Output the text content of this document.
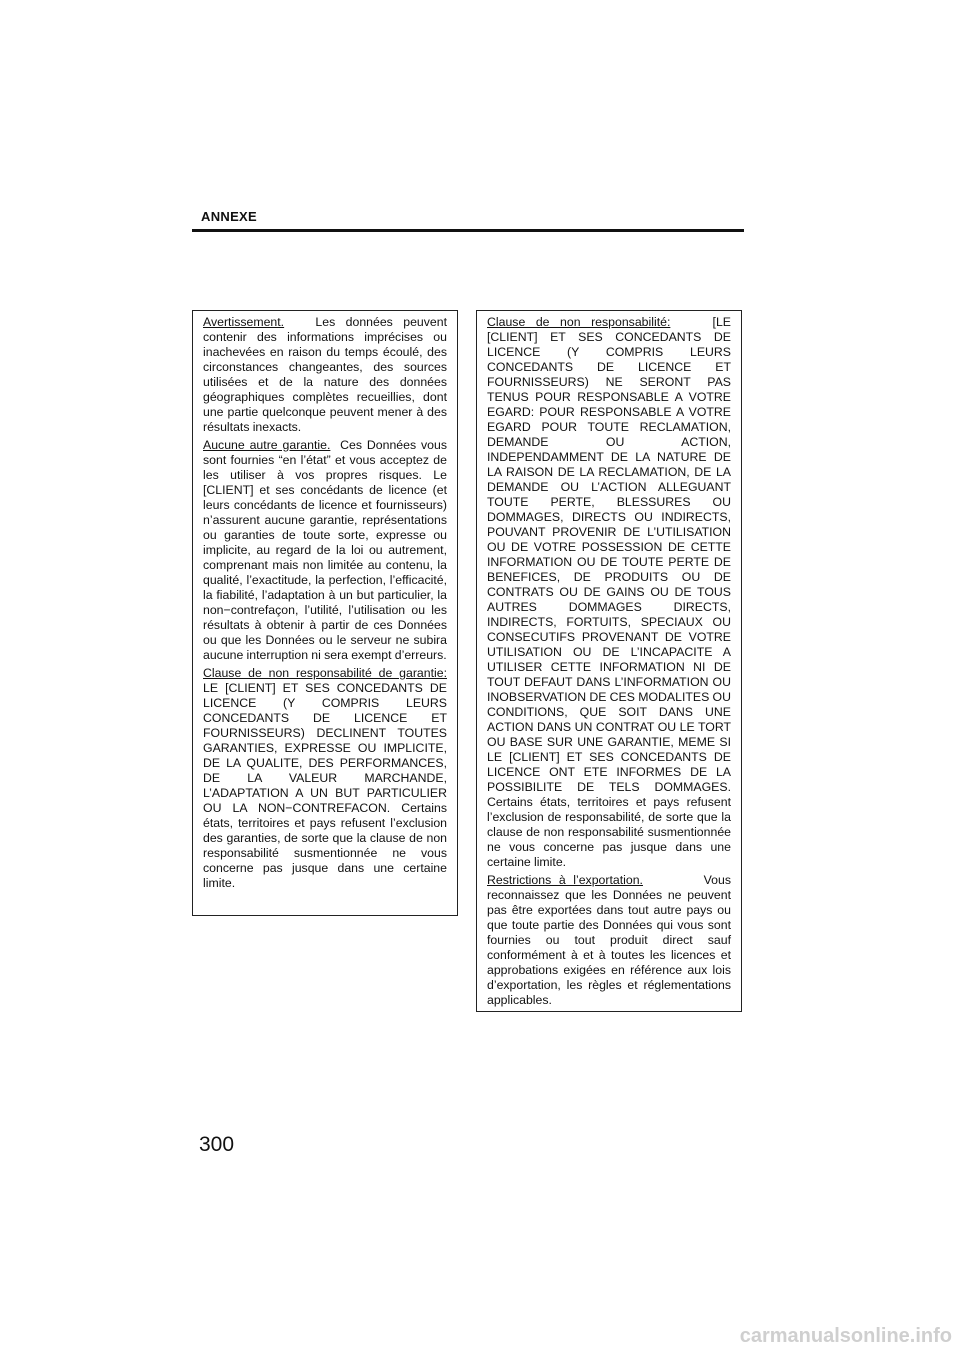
ANNEXE

Avertissement.	Les données peuvent contenir des informations imprécises ou inachevées en raison du temps écoulé, des circonstances changeantes, des sources utilisées et de la nature des données géographiques complètes recueillies, dont une partie quelconque peuvent mener à des résultats inexacts.

Aucune autre garantie. Ces Données vous sont fournies “en l’état” et vous acceptez de les utiliser à vos propres risques. Le [CLIENT] et ses concédants de licence (et leurs concédants de licence et fournisseurs) n’assurent aucune garantie, représentations ou garanties de toute sorte, expresse ou implicite, au regard de la loi ou autrement, comprenant mais non limitée au contenu, la qualité, l’exactitude, la perfection, l’efficacité, la fiabilité, l’adaptation à un but particulier, la non−contrefaçon, l’utilité, l’utilisation ou les résultats à obtenir à partir de ces Données ou que les Données ou le serveur ne subira aucune interruption ni sera exempt d’erreurs.

Clause de non responsabilité de garantie: LE [CLIENT] ET SES CONCEDANTS DE LICENCE (Y COMPRIS LEURS CONCEDANTS DE LICENCE ET FOURNISSEURS) DECLINENT TOUTES GARANTIES, EXPRESSE OU IMPLICITE, DE LA QUALITE, DES PERFORMANCES, DE LA VALEUR MARCHANDE, L’ADAPTATION A UN BUT PARTICULIER OU LA NON−CONTREFACON. Certains états, territoires et pays refusent l’exclusion des garanties, de sorte que la clause de non responsabilité susmentionnée ne vous concerne pas jusque dans une certaine limite.

Clause de non responsabilité:	[LE [CLIENT] ET SES CONCEDANTS DE LICENCE (Y COMPRIS LEURS CONCEDANTS DE LICENCE ET FOURNISSEURS) NE SERONT PAS TENUS POUR RESPONSABLE A VOTRE EGARD: POUR RESPONSABLE A VOTRE EGARD POUR TOUTE RECLAMATION, DEMANDE OU ACTION, INDEPENDAMMENT DE LA NATURE DE LA RAISON DE LA RECLAMATION, DE LA DEMANDE OU L’ACTION ALLEGUANT TOUTE PERTE, BLESSURES OU DOMMAGES, DIRECTS OU INDIRECTS, POUVANT PROVENIR DE L’UTILISATION OU DE VOTRE POSSESSION DE CETTE INFORMATION OU DE TOUTE PERTE DE BENEFICES, DE PRODUITS OU DE CONTRATS OU DE GAINS OU DE TOUS AUTRES DOMMAGES DIRECTS, INDIRECTS, FORTUITS, SPECIAUX OU CONSECUTIFS PROVENANT DE VOTRE UTILISATION OU DE L’INCAPACITE A UTILISER CETTE INFORMATION NI DE TOUT DEFAUT DANS L’INFORMATION OU INOBSERVATION DE CES MODALITES OU CONDITIONS, QUE SOIT DANS UNE ACTION DANS UN CONTRAT OU LE TORT OU BASE SUR UNE GARANTIE, MEME SI LE [CLIENT] ET SES CONCEDANTS DE LICENCE ONT ETE INFORMES DE LA POSSIBILITE DE TELS DOMMAGES. Certains états, territoires et pays refusent l’exclusion de responsabilité, de sorte que la clause de non responsabilité susmentionnée ne vous concerne pas jusque dans une certaine limite.

Restrictions à l’exportation.	Vous reconnaissez que les Données ne peuvent pas être exportées dans tout autre pays ou que toute partie des Données qui vous sont fournies ou tout produit direct sauf conformément à et à toutes les licences et approbations exigées en référence aux lois d’exportation, les règles et réglementations applicables.

300
carmanualsonline.info
